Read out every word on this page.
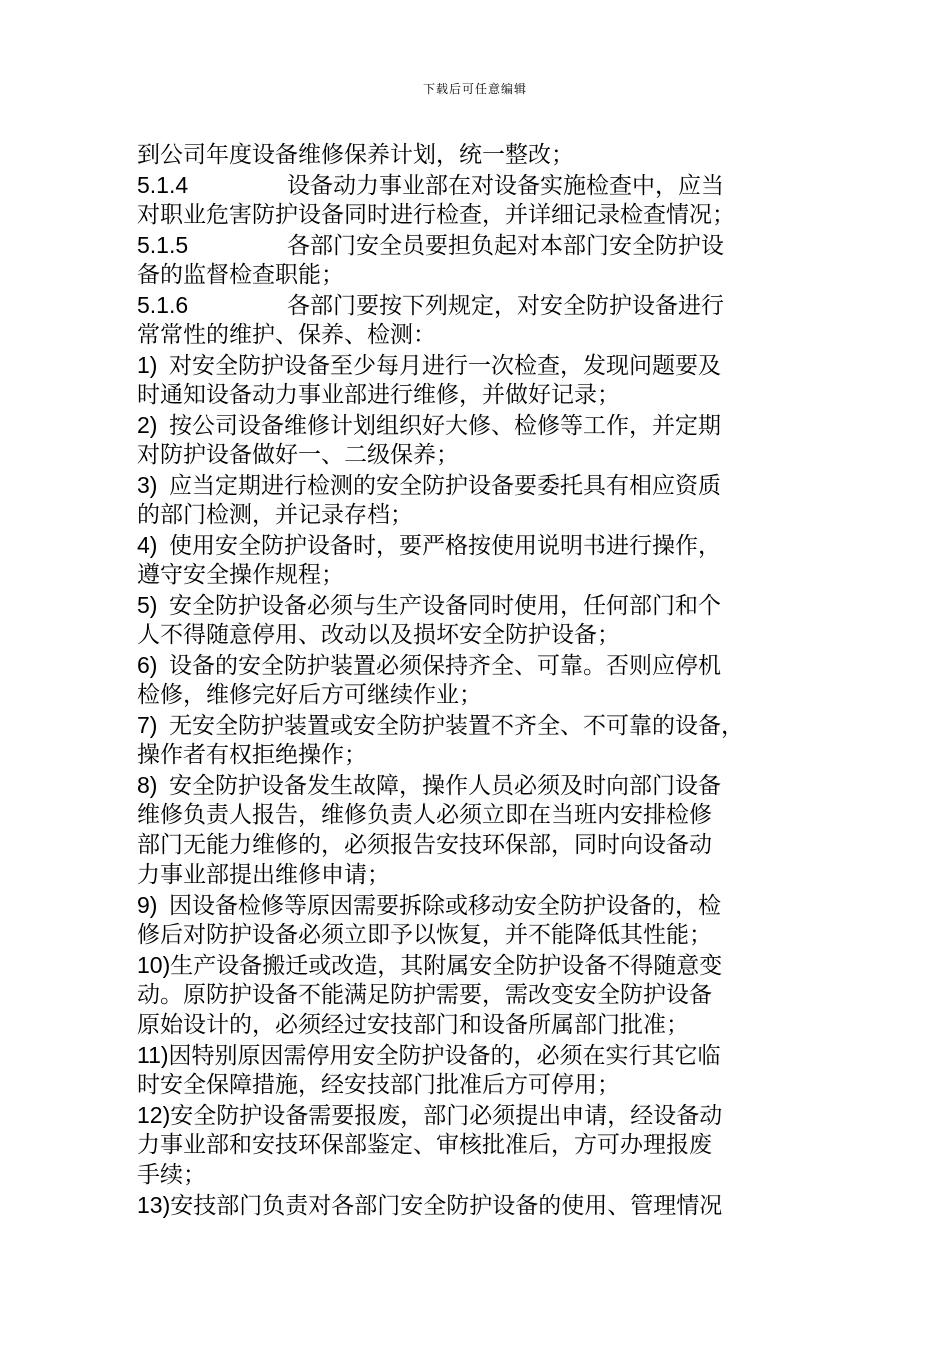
下载后可任意编辑
到公司年度设备维修保养计划，统一整改；
5.1.4	设备动力事业部在对设备实施检查中，应当
对职业危害防护设备同时进行检查，并详细记录检查情况；
5.1.5	各部门安全员要担负起对本部门安全防护设
备的监督检查职能；
5.1.6	各部门要按下列规定，对安全防护设备进行
常常性的维护、保养、检测：
1)  对安全防护设备至少每月进行一次检查，发现问题要及
时通知设备动力事业部进行维修，并做好记录；
2)  按公司设备维修计划组织好大修、检修等工作，并定期
对防护设备做好一、二级保养；
3)  应当定期进行检测的安全防护设备要委托具有相应资质
的部门检测，并记录存档；
4)  使用安全防护设备时，要严格按使用说明书进行操作，
遵守安全操作规程；
5)  安全防护设备必须与生产设备同时使用，任何部门和个
人不得随意停用、改动以及损坏安全防护设备；
6)  设备的安全防护装置必须保持齐全、可靠。否则应停机
检修，维修完好后方可继续作业；
7)  无安全防护装置或安全防护装置不齐全、不可靠的设备，
操作者有权拒绝操作；
8)  安全防护设备发生故障，操作人员必须及时向部门设备
维修负责人报告，维修负责人必须立即在当班内安排检修
部门无能力维修的，必须报告安技环保部，同时向设备动
力事业部提出维修申请；
9)  因设备检修等原因需要拆除或移动安全防护设备的，检
修后对防护设备必须立即予以恢复，并不能降低其性能；
10)生产设备搬迁或改造，其附属安全防护设备不得随意变
动。原防护设备不能满足防护需要，需改变安全防护设备
原始设计的，必须经过安技部门和设备所属部门批准；
11)因特别原因需停用安全防护设备的，必须在实行其它临
时安全保障措施，经安技部门批准后方可停用；
12)安全防护设备需要报废，部门必须提出申请，经设备动
力事业部和安技环保部鉴定、审核批准后，方可办理报废
手续；
13)安技部门负责对各部门安全防护设备的使用、管理情况
